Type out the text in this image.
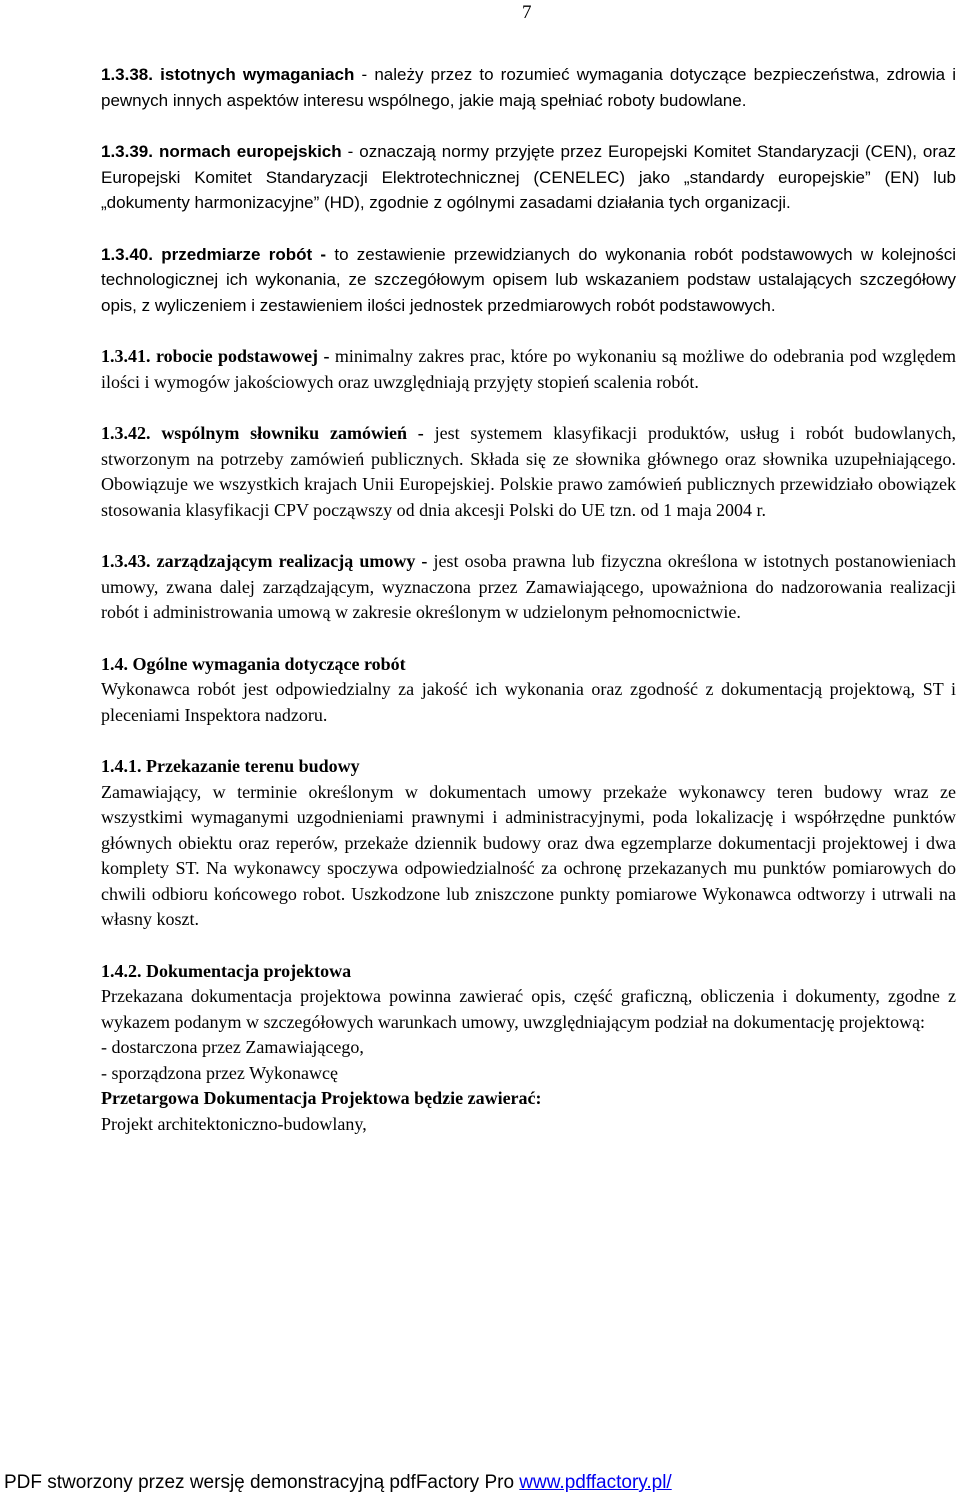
7

1.3.38. istotnych wymaganiach - należy przez to rozumieć wymagania dotyczące bezpieczeństwa, zdrowia i pewnych innych aspektów interesu wspólnego, jakie mają spełniać roboty budowlane.

1.3.39. normach europejskich - oznaczają normy przyjęte przez Europejski Komitet Standaryzacji (CEN), oraz Europejski Komitet Standaryzacji Elektrotechnicznej (CENELEC) jako „standardy europejskie” (EN) lub „dokumenty harmonizacyjne” (HD), zgodnie z ogólnymi zasadami działania tych organizacji.

1.3.40. przedmiarze robót - to zestawienie przewidzianych do wykonania robót podstawowych w kolejności technologicznej ich wykonania, ze szczegółowym opisem lub wskazaniem podstaw ustalających szczegółowy opis, z wyliczeniem i zestawieniem ilości jednostek przedmiarowych robót podstawowych.

1.3.41. robocie podstawowej - minimalny zakres prac, które po wykonaniu są możliwe do odebrania pod względem ilości i wymogów jakościowych oraz uwzględniają przyjęty stopień scalenia robót.

1.3.42. wspólnym słowniku zamówień - jest systemem klasyfikacji produktów, usług i robót budowlanych, stworzonym na potrzeby zamówień publicznych. Składa się ze słownika głównego oraz słownika uzupełniającego. Obowiązuje we wszystkich krajach Unii Europejskiej. Polskie prawo zamówień publicznych przewidziało obowiązek stosowania klasyfikacji CPV począwszy od dnia akcesji Polski do UE tzn. od 1 maja 2004 r.

1.3.43. zarządzającym realizacją umowy - jest osoba prawna lub fizyczna określona w istotnych postanowieniach umowy, zwana dalej zarządzającym, wyznaczona przez Zamawiającego, upoważniona do nadzorowania realizacji robót i administrowania umową w zakresie określonym w udzielonym pełnomocnictwie.

1.4. Ogólne wymagania dotyczące robót
Wykonawca robót jest odpowiedzialny za jakość ich wykonania oraz zgodność z dokumentacją projektową, ST i pleceniami Inspektora nadzoru.

1.4.1. Przekazanie terenu budowy
Zamawiający, w terminie określonym w dokumentach umowy przekaże wykonawcy teren budowy wraz ze wszystkimi wymaganymi uzgodnieniami prawnymi i administracyjnymi, poda lokalizację i współrzędne punktów głównych obiektu oraz reperów, przekaże dziennik budowy oraz dwa egzemplarze dokumentacji projektowej i dwa komplety ST. Na wykonawcy spoczywa odpowiedzialność za ochronę przekazanych mu punktów pomiarowych do chwili odbioru końcowego robot. Uszkodzone lub zniszczone punkty pomiarowe Wykonawca odtworzy i utrwali na własny koszt.

1.4.2. Dokumentacja projektowa
Przekazana dokumentacja projektowa powinna zawierać opis, część graficzną, obliczenia i dokumenty, zgodne z wykazem podanym w szczegółowych warunkach umowy, uwzględniającym podział na dokumentację projektową:

- dostarczona przez Zamawiającego,

- sporządzona przez Wykonawcę

Przetargowa Dokumentacja Projektowa będzie zawierać:

Projekt architektoniczno-budowlany,

PDF stworzony przez wersję demonstracyjną pdfFactory Pro www.pdffactory.pl/
